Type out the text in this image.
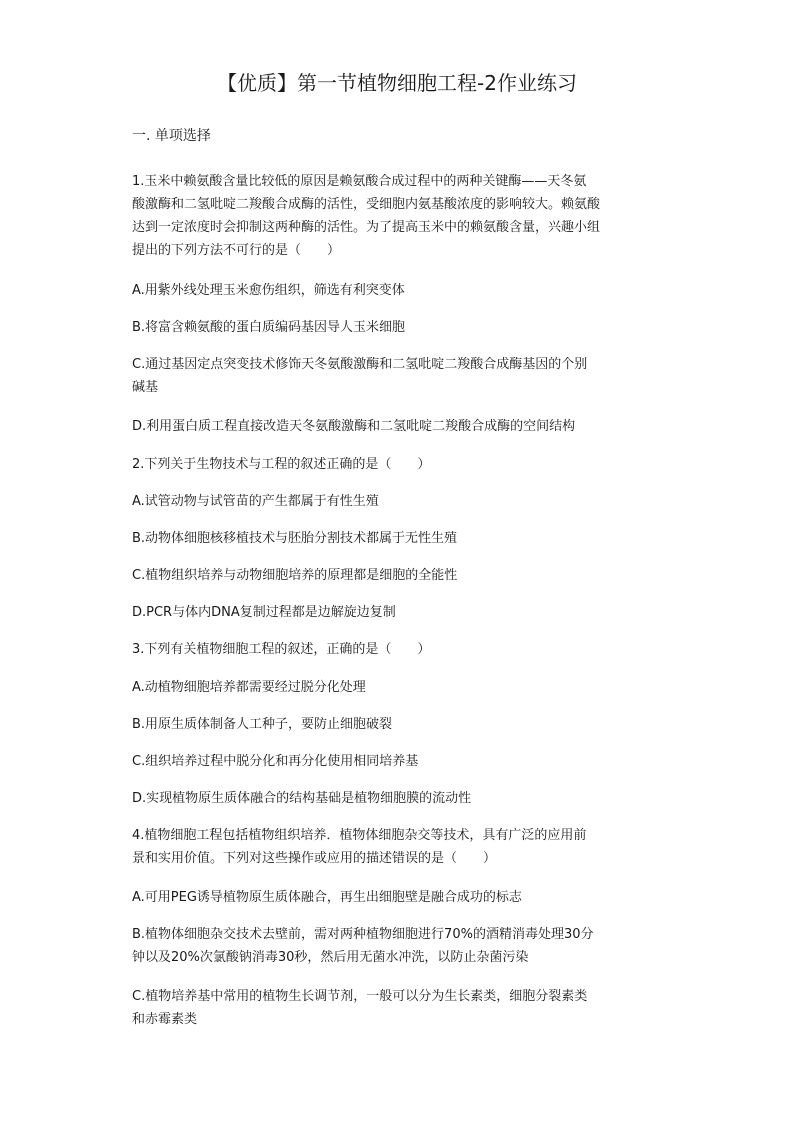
【优质】第一节植物细胞工程-2作业练习
一. 单项选择
1.玉米中赖氨酸含量比较低的原因是赖氨酸合成过程中的两种关键酶——天冬氨
酸激酶和二氢吡啶二羧酸合成酶的活性，受细胞内氨基酸浓度的影响较大。赖氨酸
达到一定浓度时会抑制这两种酶的活性。为了提高玉米中的赖氨酸含量，兴趣小组
提出的下列方法不可行的是（　　）
A.用紫外线处理玉米愈伤组织，筛选有利突变体
B.将富含赖氨酸的蛋白质编码基因导人玉米细胞
C.通过基因定点突变技术修饰天冬氨酸激酶和二氢吡啶二羧酸合成酶基因的个别
碱基
D.利用蛋白质工程直接改造天冬氨酸激酶和二氢吡啶二羧酸合成酶的空间结构
2.下列关于生物技术与工程的叙述正确的是（　　）
A.试管动物与试管苗的产生都属于有性生殖
B.动物体细胞核移植技术与胚胎分割技术都属于无性生殖
C.植物组织培养与动物细胞培养的原理都是细胞的全能性
D.PCR与体内DNA复制过程都是边解旋边复制
3.下列有关植物细胞工程的叙述，正确的是（　　）
A.动植物细胞培养都需要经过脱分化处理
B.用原生质体制备人工种子，要防止细胞破裂
C.组织培养过程中脱分化和再分化使用相同培养基
D.实现植物原生质体融合的结构基础是植物细胞膜的流动性
4.植物细胞工程包括植物组织培养．植物体细胞杂交等技术，具有广泛的应用前
景和实用价值。下列对这些操作或应用的描述错误的是（　　）
A.可用PEG诱导植物原生质体融合，再生出细胞壁是融合成功的标志
B.植物体细胞杂交技术去壁前，需对两种植物细胞进行70%的酒精消毒处理30分
钟以及20%次氯酸钠消毒30秒，然后用无菌水冲洗，以防止杂菌污染
C.植物培养基中常用的植物生长调节剂，一般可以分为生长素类，细胞分裂素类
和赤霉素类
